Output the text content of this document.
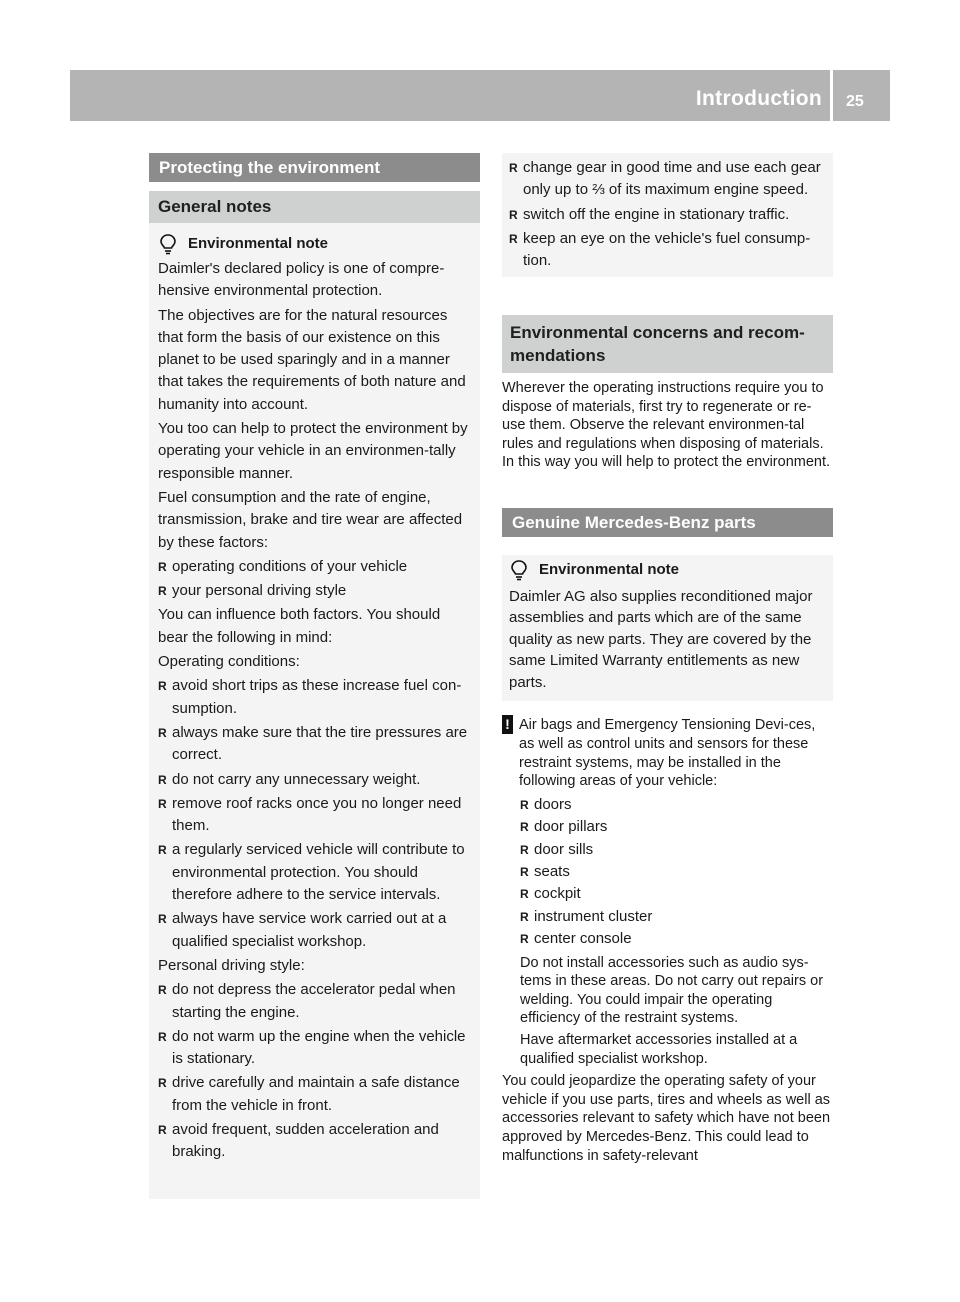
Introduction 25
Protecting the environment
General notes
Environmental note

Daimler's declared policy is one of compre-hensive environmental protection.

The objectives are for the natural resources that form the basis of our existence on this planet to be used sparingly and in a manner that takes the requirements of both nature and humanity into account.

You too can help to protect the environment by operating your vehicle in an environmen-tally responsible manner.

Fuel consumption and the rate of engine, transmission, brake and tire wear are affected by these factors:

R operating conditions of your vehicle
R your personal driving style

You can influence both factors. You should bear the following in mind:

Operating conditions:

R avoid short trips as these increase fuel con-sumption.
R always make sure that the tire pressures are correct.
R do not carry any unnecessary weight.
R remove roof racks once you no longer need them.
R a regularly serviced vehicle will contribute to environmental protection. You should therefore adhere to the service intervals.
R always have service work carried out at a qualified specialist workshop.

Personal driving style:

R do not depress the accelerator pedal when starting the engine.
R do not warm up the engine when the vehicle is stationary.
R drive carefully and maintain a safe distance from the vehicle in front.
R avoid frequent, sudden acceleration and braking.
R change gear in good time and use each gear only up to ⅔ of its maximum engine speed.
R switch off the engine in stationary traffic.
R keep an eye on the vehicle's fuel consump-tion.
Environmental concerns and recom-mendations

Wherever the operating instructions require you to dispose of materials, first try to regenerate or re-use them. Observe the relevant environmen-tal rules and regulations when disposing of materials. In this way you will help to protect the environment.

Genuine Mercedes-Benz parts
Environmental note

Daimler AG also supplies reconditioned major assemblies and parts which are of the same quality as new parts. They are covered by the same Limited Warranty entitlements as new parts.

! Air bags and Emergency Tensioning Devi-ces, as well as control units and sensors for these restraint systems, may be installed in the following areas of your vehicle:

R doors
R door pillars
R door sills
R seats
R cockpit
R instrument cluster
R center console

Do not install accessories such as audio sys-tems in these areas. Do not carry out repairs or welding. You could impair the operating efficiency of the restraint systems.

Have aftermarket accessories installed at a qualified specialist workshop.

You could jeopardize the operating safety of your vehicle if you use parts, tires and wheels as well as accessories relevant to safety which have not been approved by Mercedes-Benz. This could lead to malfunctions in safety-relevant
